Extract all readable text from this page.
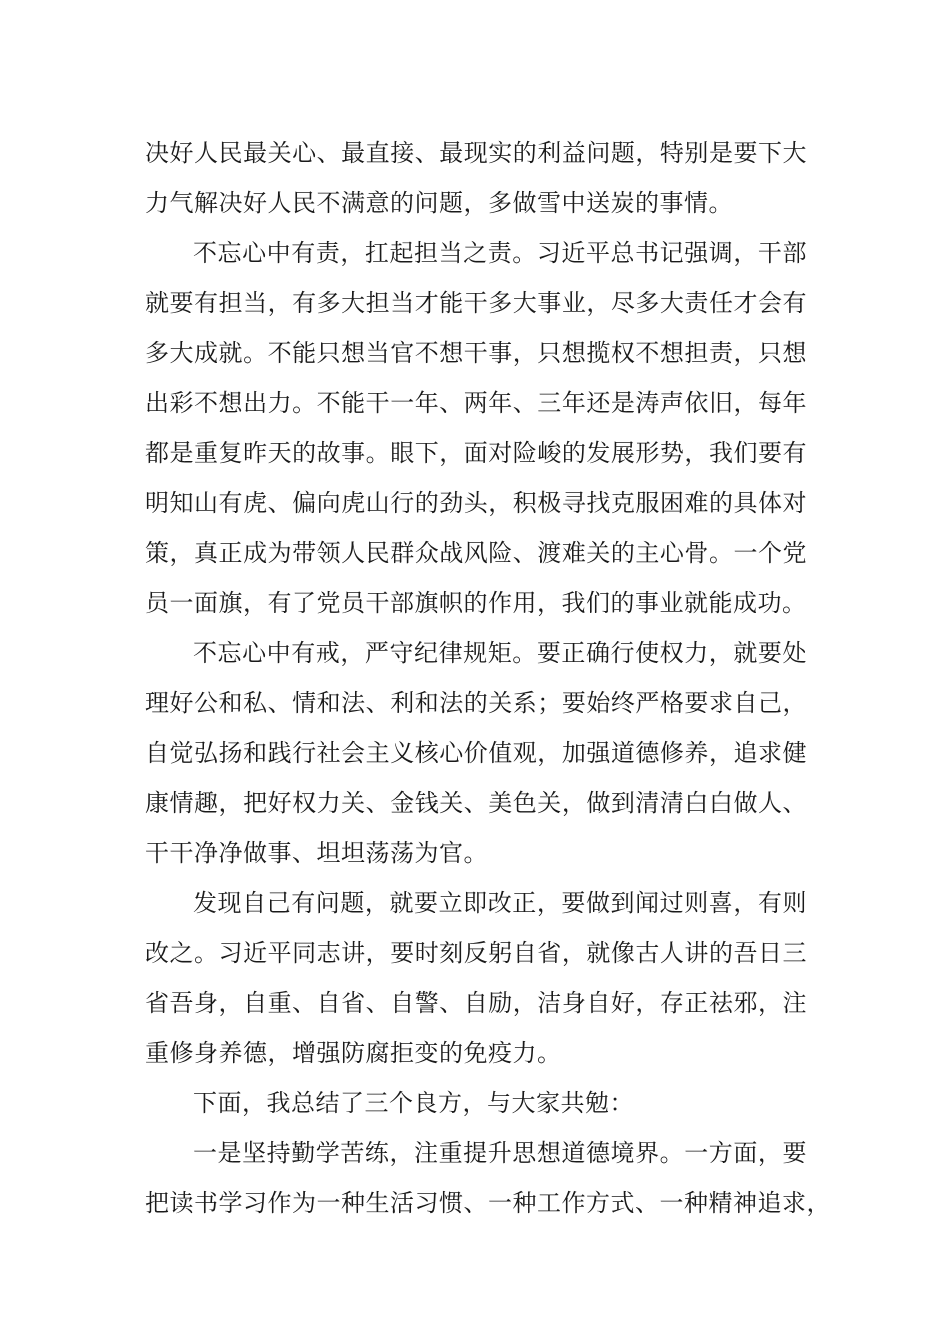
决好人民最关心、最直接、最现实的利益问题，特别是要下大
力气解决好人民不满意的问题，多做雪中送炭的事情。
不忘心中有责，扛起担当之责。习近平总书记强调，干部
就要有担当，有多大担当才能干多大事业，尽多大责任才会有
多大成就。不能只想当官不想干事，只想揽权不想担责，只想
出彩不想出力。不能干一年、两年、三年还是涛声依旧，每年
都是重复昨天的故事。眼下，面对险峻的发展形势，我们要有
明知山有虎、偏向虎山行的劲头，积极寻找克服困难的具体对
策，真正成为带领人民群众战风险、渡难关的主心骨。一个党
员一面旗，有了党员干部旗帜的作用，我们的事业就能成功。
不忘心中有戒，严守纪律规矩。要正确行使权力，就要处
理好公和私、情和法、利和法的关系；要始终严格要求自己，
自觉弘扬和践行社会主义核心价值观，加强道德修养，追求健
康情趣，把好权力关、金钱关、美色关，做到清清白白做人、
干干净净做事、坦坦荡荡为官。
发现自己有问题，就要立即改正，要做到闻过则喜，有则
改之。习近平同志讲，要时刻反躬自省，就像古人讲的吾日三
省吾身，自重、自省、自警、自励，洁身自好，存正祛邪，注
重修身养德，增强防腐拒变的免疫力。
下面，我总结了三个良方，与大家共勉：
一是坚持勤学苦练，注重提升思想道德境界。一方面，要
把读书学习作为一种生活习惯、一种工作方式、一种精神追求，
